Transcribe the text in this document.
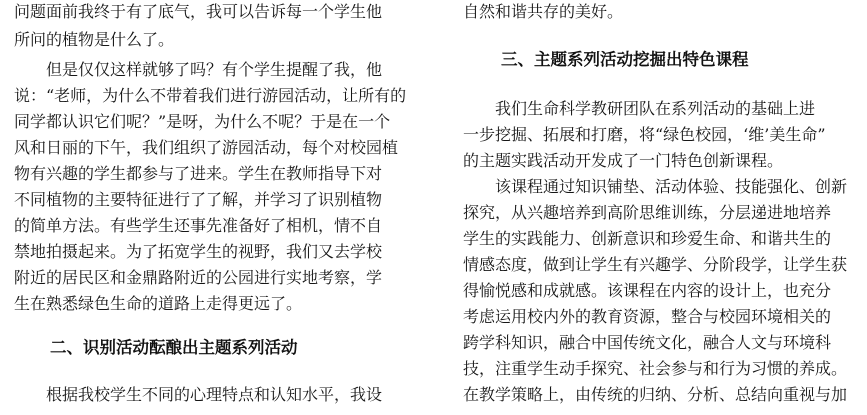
问题面前我终于有了底气，我可以告诉每一个学生他
所问的植物是什么了。
但是仅仅这样就够了吗？有个学生提醒了我，他
说：“老师，为什么不带着我们进行游园活动，让所有的
同学都认识它们呢？”是呀，为什么不呢？于是在一个
风和日丽的下午，我们组织了游园活动，每个对校园植
物有兴趣的学生都参与了进来。学生在教师指导下对
不同植物的主要特征进行了了解，并学习了识别植物
的简单方法。有些学生还事先准备好了相机，情不自
禁地拍摄起来。为了拓宽学生的视野，我们又去学校
附近的居民区和金鼎路附近的公园进行实地考察，学
生在熟悉绿色生命的道路上走得更远了。
二、识别活动酝酿出主题系列活动
根据我校学生不同的心理特点和认知水平，我设
自然和谐共存的美好。
三、主题系列活动挖掘出特色课程
我们生命科学教研团队在系列活动的基础上进
一步挖掘、拓展和打磨，将“绿色校园，‘维’美生命”
的主题实践活动开发成了一门特色创新课程。
该课程通过知识铺垫、活动体验、技能强化、创新
探究，从兴趣培养到高阶思维训练，分层递进地培养
学生的实践能力、创新意识和珍爱生命、和谐共生的
情感态度，做到让学生有兴趣学、分阶段学，让学生获
得愉悦感和成就感。该课程在内容的设计上，也充分
考虑运用校内外的教育资源，整合与校园环境相关的
跨学科知识，融合中国传统文化，融合人文与环境科
技，注重学生动手探究、社会参与和行为习惯的养成。
在教学策略上，由传统的归纳、分析、总结向重视与加
